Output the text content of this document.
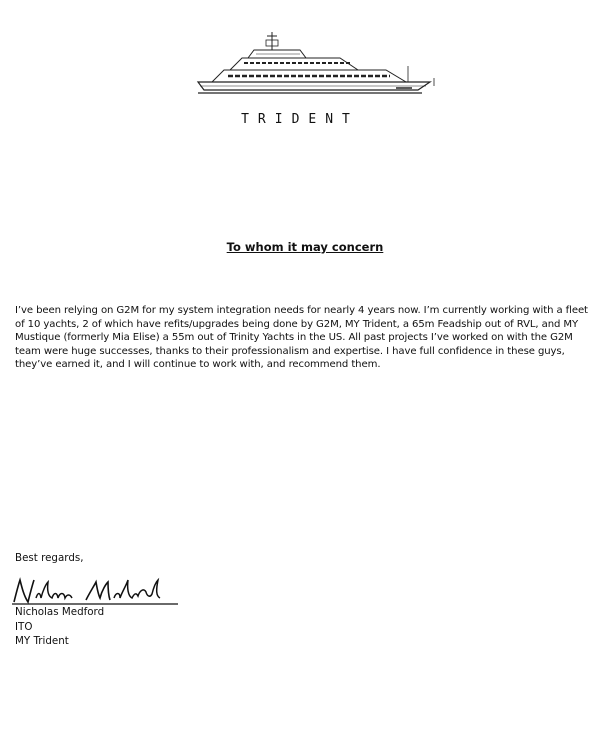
TRIDENT
To whom it may concern
I’ve been relying on G2M for my system integration needs for nearly 4 years now. I’m currently working with a fleet of 10 yachts, 2 of which have refits/upgrades being done by G2M, MY Trident, a 65m Feadship out of RVL, and MY Mustique (formerly Mia Elise) a 55m out of Trinity Yachts in the US. All past projects I’ve worked on with the G2M team were huge successes, thanks to their professionalism and expertise. I have full confidence in these guys, they’ve earned it, and I will continue to work with, and recommend them.
Best regards,
Nicholas Medford
ITO
MY Trident
